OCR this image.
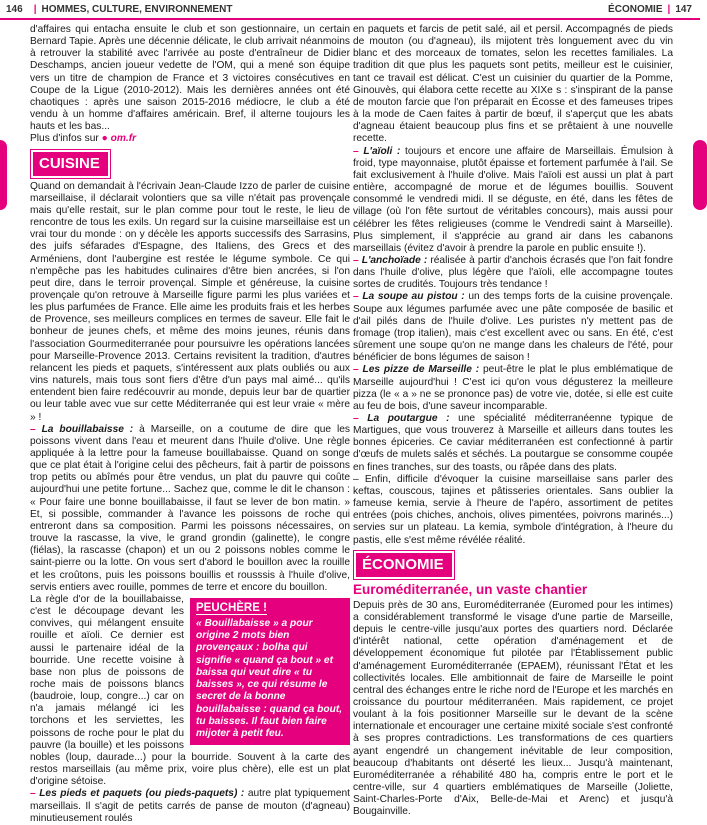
146 | HOMMES, CULTURE, ENVIRONNEMENT	ÉCONOMIE | 147

d'affaires qui entacha ensuite le club et son gestionnaire, un certain Bernard Tapie. Après une décennie délicate, le club arrivait néanmoins à retrouver la stabilité avec l'arrivée au poste d'entraîneur de Didier Deschamps, ancien joueur vedette de l'OM, qui a mené son équipe vers un titre de champion de France et 3 victoires consécutives en Coupe de la Ligue (2010-2012). Mais les dernières années ont été chaotiques : après une saison 2015-2016 médiocre, le club a été vendu à un homme d'affaires américain. Bref, il alterne toujours les hauts et les bas...

Plus d'infos sur ● om.fr

CUISINE

Quand on demandait à l'écrivain Jean-Claude Izzo de parler de cuisine marseillaise, il déclarait volontiers que sa ville n'était pas provençale mais qu'elle restait, sur le plan comme pour tout le reste, le lieu de rencontre de tous les exils. Un regard sur la cuisine marseillaise est un vrai tour du monde : on y décèle les apports successifs des Sarrasins, des juifs séfarades d'Espagne, des Italiens, des Grecs et des Arméniens, dont l'aubergine est restée le légume symbole. Ce qui n'empêche pas les habitudes culinaires d'être bien ancrées, si l'on peut dire, dans le terroir provençal. Simple et généreuse, la cuisine provençale qu'on retrouve à Marseille figure parmi les plus variées et les plus parfumées de France. Elle aime les produits frais et les herbes de Provence, ses meilleurs complices en termes de saveur. Elle fait le bonheur de jeunes chefs, et même des moins jeunes, réunis dans l'association Gourmediterranée pour poursuivre les opérations lancées pour Marseille-Provence 2013. Certains revisitent la tradition, d'autres relancent les pieds et paquets, s'intéressent aux plats oubliés ou aux vins naturels, mais tous sont fiers d'être d'un pays mal aimé... qu'ils entendent bien faire redécouvrir au monde, depuis leur bar de quartier ou leur table avec vue sur cette Méditerranée qui est leur vraie « mère » !

– La bouillabaisse : à Marseille, on a coutume de dire que les poissons vivent dans l'eau et meurent dans l'huile d'olive. Une règle appliquée à la lettre pour la fameuse bouillabaisse. Quand on songe que ce plat était à l'origine celui des pêcheurs, fait à partir de poissons trop petits ou abîmés pour être vendus, un plat du pauvre qui coûte aujourd'hui une petite fortune... Sachez que, comme le dit le chanson : « Pour faire une bonne bouillabaisse, il faut se lever de bon matin. » Et, si possible, commander à l'avance les poissons de roche qui entreront dans sa composition. Parmi les poissons nécessaires, on trouve la rascasse, la vive, le grand grondin (galinette), le congre (fiélas), la rascasse (chapon) et un ou 2 poissons nobles comme le saint-pierre ou la lotte. On vous sert d'abord le bouillon avec la rouille et les croûtons, puis les poissons bouillis et rousssis à l'huile d'olive, servis entiers avec rouille, pommes de terre et encore du bouillon.

PEUCHÈRE !
« Bouillabaisse » a pour origine 2 mots bien provençaux : bolha qui signifie « quand ça bout » et baissa qui veut dire « tu baisses », ce qui résume le secret de la bonne bouillabaisse : quand ça bout, tu baisses. Il faut bien faire mijoter à petit feu.

La règle d'or de la bouillabaisse, c'est le découpage devant les convives, qui mélangent ensuite rouille et aïoli. Ce dernier est aussi le partenaire idéal de la bourride. Une recette voisine à base non plus de poissons de roche mais de poissons blancs (baudroie, loup, congre...) car on n'a jamais mélangé ici les torchons et les serviettes, les poissons de roche pour le plat du pauvre (la bouille) et les poissons nobles (loup, daurade...) pour la bourride. Souvent à la carte des restos marseillais (au même prix, voire plus chère), elle est un plat d'origine sétoise.

– Les pieds et paquets (ou pieds-paquets) : autre plat typiquement marseillais. Il s'agit de petits carrés de panse de mouton (d'agneau) minutieusement roulés

en paquets et farcis de petit salé, ail et persil. Accompagnés de pieds de mouton (ou d'agneau), ils mijotent très longuement avec du vin blanc et des morceaux de tomates, selon les recettes familiales. La tradition dit que plus les paquets sont petits, meilleur est le cuisinier, tant ce travail est délicat. C'est un cuisinier du quartier de la Pomme, Ginouvès, qui élabora cette recette au XIXe s : s'inspirant de la panse de mouton farcie que l'on préparait en Écosse et des fameuses tripes à la mode de Caen faites à partir de bœuf, il s'aperçut que les abats d'agneau étaient beaucoup plus fins et se prêtaient à une nouvelle recette.

– L'aïoli : toujours et encore une affaire de Marseillais. Émulsion à froid, type mayonnaise, plutôt épaisse et fortement parfumée à l'ail. Se fait exclusivement à l'huile d'olive. Mais l'aïoli est aussi un plat à part entière, accompagné de morue et de légumes bouillis. Souvent consommé le vendredi midi. Il se déguste, en été, dans les fêtes de village (où l'on fête surtout de véritables concours), mais aussi pour célébrer les fêtes religieuses (comme le Vendredi saint à Marseille). Plus simplement, il s'apprécie au grand air dans les cabanons marseillais (évitez d'avoir à prendre la parole en public ensuite !).

– L'anchoïade : réalisée à partir d'anchois écrasés que l'on fait fondre dans l'huile d'olive, plus légère que l'aïoli, elle accompagne toutes sortes de crudités. Toujours très tendance !

– La soupe au pistou : un des temps forts de la cuisine provençale. Soupe aux légumes parfumée avec une pâte composée de basilic et d'ail pilés dans de l'huile d'olive. Les puristes n'y mettent pas de fromage (trop italien), mais c'est excellent avec ou sans. En été, c'est sûrement une soupe qu'on ne mange dans les chaleurs de l'été, pour bénéficier de bons légumes de saison !

– Les pizze de Marseille : peut-être le plat le plus emblématique de Marseille aujourd'hui ! C'est ici qu'on vous dégusterez la meilleure pizza (le « a » ne se prononce pas) de votre vie, dotée, si elle est cuite au feu de bois, d'une saveur incomparable.

– La poutargue : une spécialité méditerranéenne typique de Martigues, que vous trouverez à Marseille et ailleurs dans toutes les bonnes épiceries. Ce caviar méditerranéen est confectionné à partir d'œufs de mulets salés et séchés. La poutargue se consomme coupée en fines tranches, sur des toasts, ou râpée dans des plats.

– Enfin, difficile d'évoquer la cuisine marseillaise sans parler des keftas, couscous, tajines et pâtisseries orientales. Sans oublier la fameuse kemia, servie à l'heure de l'apéro, assortiment de petites entrées (pois chiches, anchois, olives pimentées, poivrons marinés...) servies sur un plateau. La kemia, symbole d'intégration, à l'heure du pastis, elle s'est même révélée réalité.

ÉCONOMIE
Euroméditerranée, un vaste chantier

Depuis près de 30 ans, Euroméditerranée (Euromed pour les intimes) a considérablement transformé le visage d'une partie de Marseille, depuis le centre-ville jusqu'aux portes des quartiers nord. Déclarée d'intérêt national, cette opération d'aménagement et de développement économique fut pilotée par l'Établissement public d'aménagement Euroméditerranée (EPAEM), réunissant l'État et les collectivités locales. Elle ambitionnait de faire de Marseille le point central des échanges entre le riche nord de l'Europe et les marchés en croissance du pourtour méditerranéen. Mais rapidement, ce projet voulant à la fois positionner Marseille sur le devant de la scène internationale et encourager une certaine mixité sociale s'est confronté à ses propres contradictions. Les transformations de ces quartiers ayant engendré un changement inévitable de leur composition, beaucoup d'habitants ont déserté les lieux... Jusqu'à maintenant, Euroméditerranée a réhabilité 480 ha, compris entre le port et le centre-ville, sur 4 quartiers emblématiques de Marseille (Joliette, Saint-Charles-Porte d'Aix, Belle-de-Mai et Arenc) et jusqu'à Bougainville.
